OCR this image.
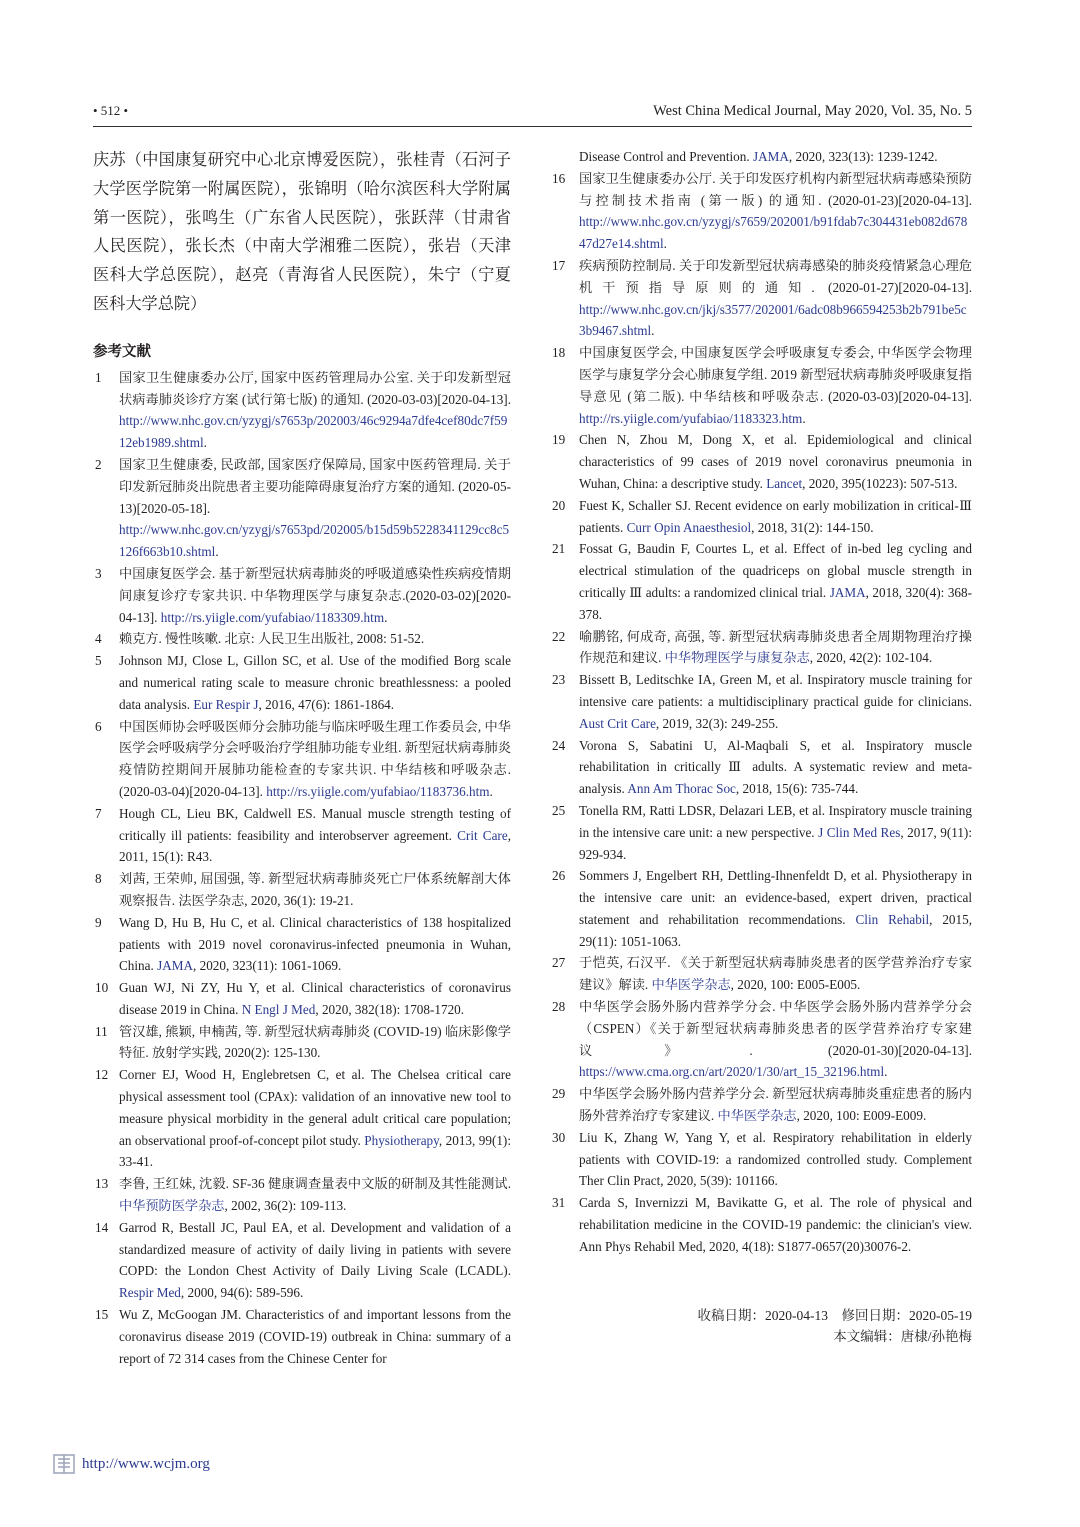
• 512 •	West China Medical Journal, May 2020, Vol. 35, No. 5

庆苏（中国康复研究中心北京博爱医院），张桂青（石河子大学医学院第一附属医院），张锦明（哈尔滨医科大学附属第一医院），张鸣生（广东省人民医院），张跃萍（甘肃省人民医院），张长杰（中南大学湘雅二医院），张岩（天津医科大学总医院），赵亮（青海省人民医院），朱宁（宁夏医科大学总院）

参考文献
1	国家卫生健康委办公厅, 国家中医药管理局办公室. 关于印发新型冠状病毒肺炎诊疗方案 (试行第七版) 的通知. (2020-03-03)[2020-04-13]. http://www.nhc.gov.cn/yzygj/s7653p/202003/46c9294a7dfe4cef80dc7f5912eb1989.shtml.
2	国家卫生健康委, 民政部, 国家医疗保障局, 国家中医药管理局. 关于印发新冠肺炎出院患者主要功能障碍康复治疗方案的通知. (2020-05-13)[2020-05-18]. http://www.nhc.gov.cn/yzygj/s7653pd/202005/b15d59b5228341129cc8c5126f663b10.shtml.
3	中国康复医学会. 基于新型冠状病毒肺炎的呼吸道感染性疾病疫情期间康复诊疗专家共识. 中华物理医学与康复杂志.(2020-03-02)[2020-04-13]. http://rs.yiigle.com/yufabiao/1183309.htm.
4	赖克方. 慢性咳嗽. 北京: 人民卫生出版社, 2008: 51-52.
5	Johnson MJ, Close L, Gillon SC, et al. Use of the modified Borg scale and numerical rating scale to measure chronic breathlessness: a pooled data analysis. Eur Respir J, 2016, 47(6): 1861-1864.
6	中国医师协会呼吸医师分会肺功能与临床呼吸生理工作委员会, 中华医学会呼吸病学分会呼吸治疗学组肺功能专业组. 新型冠状病毒肺炎疫情防控期间开展肺功能检查的专家共识. 中华结核和呼吸杂志. (2020-03-04)[2020-04-13]. http://rs.yiigle.com/yufabiao/1183736.htm.
7	Hough CL, Lieu BK, Caldwell ES. Manual muscle strength testing of critically ill patients: feasibility and interobserver agreement. Crit Care, 2011, 15(1): R43.
8	刘茜, 王荣帅, 屈国强, 等. 新型冠状病毒肺炎死亡尸体系统解剖大体观察报告. 法医学杂志, 2020, 36(1): 19-21.
9	Wang D, Hu B, Hu C, et al. Clinical characteristics of 138 hospitalized patients with 2019 novel coronavirus-infected pneumonia in Wuhan, China. JAMA, 2020, 323(11): 1061-1069.
10 Guan WJ, Ni ZY, Hu Y, et al. Clinical characteristics of coronavirus disease 2019 in China. N Engl J Med, 2020, 382(18): 1708-1720.
11 管汉雄, 熊颖, 申楠茜, 等. 新型冠状病毒肺炎 (COVID-19) 临床影像学特征. 放射学实践, 2020(2): 125-130.
12 Corner EJ, Wood H, Englebretsen C, et al. The Chelsea critical care physical assessment tool (CPAx): validation of an innovative new tool to measure physical morbidity in the general adult critical care population; an observational proof-of-concept pilot study. Physiotherapy, 2013, 99(1): 33-41.
13 李鲁, 王红妹, 沈毅. SF-36 健康调查量表中文版的研制及其性能测试. 中华预防医学杂志, 2002, 36(2): 109-113.
14 Garrod R, Bestall JC, Paul EA, et al. Development and validation of a standardized measure of activity of daily living in patients with severe COPD: the London Chest Activity of Daily Living Scale (LCADL). Respir Med, 2000, 94(6): 589-596.
15 Wu Z, McGoogan JM. Characteristics of and important lessons from the coronavirus disease 2019 (COVID-19) outbreak in China: summary of a report of 72 314 cases from the Chinese Center for
Disease Control and Prevention. JAMA, 2020, 323(13): 1239-1242.
16	国家卫生健康委办公厅. 关于印发医疗机构内新型冠状病毒感染预防与控制技术指南 (第一版) 的通知. (2020-01-23)[2020-04-13]. http://www.nhc.gov.cn/yzygj/s7659/202001/b91fdab7c304431eb082d67847d27e14.shtml.
17	疾病预防控制局. 关于印发新型冠状病毒感染的肺炎疫情紧急心理危机干预指导原则的通知. (2020-01-27)[2020-04-13]. http://www.nhc.gov.cn/jkj/s3577/202001/6adc08b966594253b2b791be5c3b9467.shtml.
18	中国康复医学会, 中国康复医学会呼吸康复专委会, 中华医学会物理医学与康复学分会心肺康复学组. 2019 新型冠状病毒肺炎呼吸康复指导意见 (第二版). 中华结核和呼吸杂志. (2020-03-03)[2020-04-13]. http://rs.yiigle.com/yufabiao/1183323.htm.
19	Chen N, Zhou M, Dong X, et al. Epidemiological and clinical characteristics of 99 cases of 2019 novel coronavirus pneumonia in Wuhan, China: a descriptive study. Lancet, 2020, 395(10223): 507-513.
20	Fuest K, Schaller SJ. Recent evidence on early mobilization in critical-Ⅲ patients. Curr Opin Anaesthesiol, 2018, 31(2): 144-150.
21	Fossat G, Baudin F, Courtes L, et al. Effect of in-bed leg cycling and electrical stimulation of the quadriceps on global muscle strength in critically Ⅲ adults: a randomized clinical trial. JAMA, 2018, 320(4): 368-378.
22	喻鹏铭, 何成奇, 高强, 等. 新型冠状病毒肺炎患者全周期物理治疗操作规范和建议. 中华物理医学与康复杂志, 2020, 42(2): 102-104.
23	Bissett B, Leditschke IA, Green M, et al. Inspiratory muscle training for intensive care patients: a multidisciplinary practical guide for clinicians. Aust Crit Care, 2019, 32(3): 249-255.
24	Vorona S, Sabatini U, Al-Maqbali S, et al. Inspiratory muscle rehabilitation in critically Ⅲ adults. A systematic review and meta-analysis. Ann Am Thorac Soc, 2018, 15(6): 735-744.
25	Tonella RM, Ratti LDSR, Delazari LEB, et al. Inspiratory muscle training in the intensive care unit: a new perspective. J Clin Med Res, 2017, 9(11): 929-934.
26	Sommers J, Engelbert RH, Dettling-Ihnenfeldt D, et al. Physiotherapy in the intensive care unit: an evidence-based, expert driven, practical statement and rehabilitation recommendations. Clin Rehabil, 2015, 29(11): 1051-1063.
27	于恺英, 石汉平. 《关于新型冠状病毒肺炎患者的医学营养治疗专家建议》解读. 中华医学杂志, 2020, 100: E005-E005.
28	中华医学会肠外肠内营养学分会. 中华医学会肠外肠内营养学分会（CSPEN）《关于新型冠状病毒肺炎患者的医学营养治疗专家建议》. (2020-01-30)[2020-04-13]. https://www.cma.org.cn/art/2020/1/30/art_15_32196.html.
29	中华医学会肠外肠内营养学分会. 新型冠状病毒肺炎重症患者的肠内肠外营养治疗专家建议. 中华医学杂志, 2020, 100: E009-E009.
30	Liu K, Zhang W, Yang Y, et al. Respiratory rehabilitation in elderly patients with COVID-19: a randomized controlled study. Complement Ther Clin Pract, 2020, 5(39): 101166.
31	Carda S, Invernizzi M, Bavikatte G, et al. The role of physical and rehabilitation medicine in the COVID-19 pandemic: the clinician's view. Ann Phys Rehabil Med, 2020, 4(18): S1877-0657(20)30076-2.
收稿日期：2020-04-13　修回日期：2020-05-19
本文编辑：唐棣/孙艳梅
http://www.wcjm.org
